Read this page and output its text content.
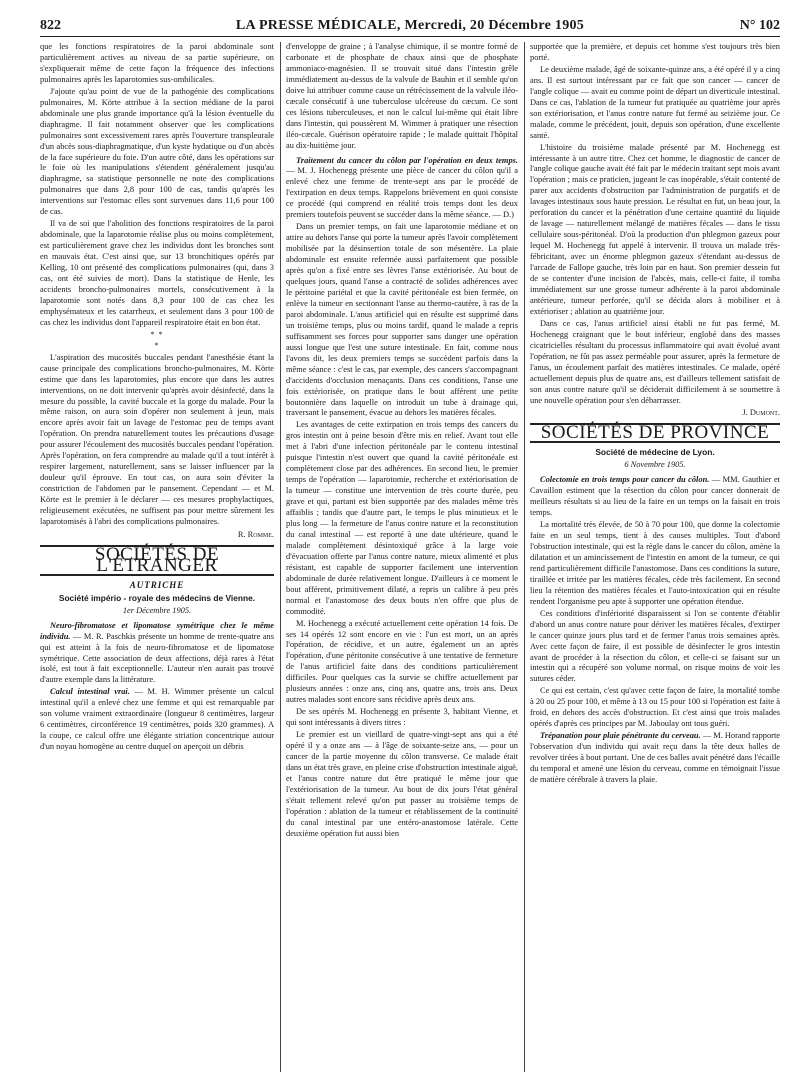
822	LA PRESSE MÉDICALE, Mercredi, 20 Décembre 1905	N° 102

que les fonctions respiratoires de la paroi abdominale sont particulièrement actives au niveau de sa partie supérieure, on s'expliquerait même de cette façon la fréquence des infections pulmonaires après les laparotomies sus-ombilicales.

J'ajoute qu'au point de vue de la pathogénie des complications pulmonaires, M. Körte attribue à la section médiane de la paroi abdominale une plus grande importance qu'à la lésion éventuelle du diaphragme. Il fait notamment observer que les complications pulmonaires sont excessivement rares après l'ouverture transpleurale d'un abcès sous-diaphragmatique, d'un kyste hydatique ou d'un abcès de la face supérieure du foie. D'un autre côté, dans les opérations sur le foie où les manipulations s'étendent généralement jusqu'au diaphragme, sa statistique personnelle ne note des complications pulmonaires que dans 2,8 pour 100 de cas, tandis qu'après les interventions sur l'estomac elles sont survenues dans 11,6 pour 100 de cas.

Il va de soi que l'abolition des fonctions respiratoires de la paroi abdominale, que la laparotomie réalise plus ou moins complètement, est particulièrement grave chez les individus dont les bronches sont en mauvais état. C'est ainsi que, sur 13 bronchitiques opérés par Kelling, 10 ont présenté des complications pulmonaires (qui, dans 3 cas, ont été suivies de mort). Dans la statistique de Henle, les accidents broncho-pulmonaires mortels, consécutivement à la laparotomie sont notés dans 8,3 pour 100 de cas chez les emphysémateux et les catarrheux, et seulement dans 3 pour 100 de cas chez les individus dont l'appareil respiratoire était en bon état.

* *
*

L'aspiration des mucosités buccales pendant l'anesthésie étant la cause principale des complications broncho-pulmonaires, M. Körte estime que dans les laparotomies, plus encore que dans les autres interventions, on ne doit intervenir qu'après avoir désinfecté, dans la mesure du possible, la cavité buccale et la gorge du malade. Pour la même raison, on aura soin d'opérer non seulement à jeun, mais encore après avoir fait un lavage de l'estomac peu de temps avant l'opération. On prendra naturellement toutes les précautions d'usage pour assurer l'écoulement des mucosités buccales pendant l'opération. Après l'opération, on fera comprendre au malade qu'il a tout intérêt à respirer largement, naturellement, sans se laisser influencer par la douleur qu'il éprouve. En tout cas, on aura soin d'éviter la constriction de l'abdomen par le pansement. Cependant — et M. Körte est le premier à le déclarer — ces mesures prophylactiques, religieusement exécutées, ne suffisent pas pour mettre sûrement les laparotomisés à l'abri des complications pulmonaires.

R. Romme.

SOCIÉTÉS DE L'ÉTRANGER
AUTRICHE
Société império - royale des médecins de Vienne.
1er Décembre 1905.

Neuro-fibromatose et lipomatose symétrique chez le même individu. — M. R. Paschkis présente un homme de trente-quatre ans qui est atteint à la fois de neuro-fibromatose et de lipomatose symétrique. Cette association de deux affections, déjà rares à l'état isolé, est tout à fait exceptionnelle. L'auteur n'en aurait pas trouvé d'autre exemple dans la littérature.

Calcul intestinal vrai. — M. H. Wimmer présente un calcul intestinal qu'il a enlevé chez une femme et qui est remarquable par son volume vraiment extraordinaire (longueur 8 centimètres, largeur 6 centimètres, circonférence 19 centimètres, poids 320 grammes). A la coupe, ce calcul offre une élégante striation concentrique autour d'un noyau homogène au centre duquel on aperçoit un débris

d'enveloppe de graine ; à l'analyse chimique, il se montre formé de carbonate et de phosphate de chaux ainsi que de phosphate ammoniaco-magnésien. Il se trouvait situé dans l'intestin grêle immédiatement au-dessus de la valvule de Bauhin et il semble qu'on doive lui attribuer comme cause un rétrécissement de la valvule iléo-cæcale consécutif à une tuberculose ulcéreuse du cæcum. Ce sont ces lésions tuberculeuses, et non le calcul lui-même qui était libre dans l'intestin, qui poussèrent M. Wimmer à pratiquer une résection iléo-cæcale. Guérison opératoire rapide ; le malade quittait l'hôpital au dix-huitième jour.

Traitement du cancer du côlon par l'opération en deux temps. — M. J. Hochenegg présente une pièce de cancer du côlon qu'il a enlevé chez une femme de trente-sept ans par le procédé de l'extirpation en deux temps. Rappelons brièvement en quoi consiste ce procédé (qui comprend en réalité trois temps dont les deux premiers toutefois peuvent se succéder dans la même séance. — D.)

Dans un premier temps, on fait une laparotomie médiane et on attire au dehors l'anse qui porte la tumeur après l'avoir complètement mobilisée par la désinsertion totale de son mésentère. La plaie abdominale est ensuite refermée aussi parfaitement que possible après qu'on a fixé entre ses lèvres l'anse extériorisée. Au bout de quelques jours, quand l'anse a contracté de solides adhérences avec le péritoine pariétal et que la cavité péritonéale est bien fermée, on enlève la tumeur en sectionnant l'anse au thermo-cautère, à ras de la paroi abdominale. L'anus artificiel qui en résulte est supprimé dans un troisième temps, plus ou moins tardif, quand le malade a repris suffisamment ses forces pour supporter sans danger une opération aussi longue que l'est une suture intestinale. En fait, comme nous l'avons dit, les deux premiers temps se succèdent parfois dans la même séance : c'est le cas, par exemple, des cancers s'accompagnant d'accidents d'occlusion menaçants. Dans ces conditions, l'anse une fois extériorisée, on pratique dans le bout afférent une petite boutonnière dans laquelle on introduit un tube à drainage qui, traversant le pansement, évacue au dehors les matières fécales.

Les avantages de cette extirpation en trois temps des cancers du gros intestin ont à peine besoin d'être mis en relief. Avant tout elle met à l'abri d'une infection péritonéale par le contenu intestinal puisque l'intestin n'est ouvert que quand la cavité péritonéale est complètement close par des adhérences. En second lieu, le premier temps de l'opération — laparotomie, recherche et extériorisation de la tumeur — constitue une intervention de très courte durée, peu grave et qui, partant est bien supportée par des malades même très affaiblis ; tandis que d'autre part, le temps le plus minutieux et le plus long — la fermeture de l'anus contre nature et la reconstitution du canal intestinal — est reporté à une date ultérieure, quand le malade complètement désintoxiqué grâce à la large voie d'évacuation offerte par l'anus contre nature, mieux alimenté et plus résistant, est capable de supporter facilement une intervention abdominale de durée relativement longue. D'ailleurs à ce moment le bout afférent, primitivement dilaté, a repris un calibre à peu près normal et l'anastomose des deux bouts n'en offre que plus de commodité.

M. Hochenegg a exécuté actuellement cette opération 14 fois. De ses 14 opérés 12 sont encore en vie : l'un est mort, un an après l'opération, de récidive, et un autre, également un an après l'opération, d'une péritonite consécutive à une tentative de fermeture de l'anus artificiel faite dans des conditions particulièrement difficiles. Pour quelques cas la survie se chiffre actuellement par plusieurs années : onze ans, cinq ans, quatre ans, trois ans. Deux autres malades sont encore sans récidive après deux ans.

De ses opérés M. Hochenegg en présente 3, habitant Vienne, et qui sont intéressants à divers titres :

Le premier est un vieillard de quatre-vingt-sept ans qui a été opéré il y a onze ans — à l'âge de soixante-seize ans, — pour un cancer de la partie moyenne du côlon transverse. Ce malade était dans un état très grave, en pleine crise d'obstruction intestinale aiguë, et l'anus contre nature dut être pratiqué le même jour que l'extériorisation de la tumeur. Au bout de dix jours l'état général s'était tellement relevé qu'on put passer au troisième temps de l'opération : ablation de la tumeur et rétablissement de la continuité du canal intestinal par une entéro-anastomose latérale. Cette deuxième opération fut aussi bien

supportée que la première, et depuis cet homme s'est toujours très bien porté.

Le deuxième malade, âgé de soixante-quinze ans, a été opéré il y a cinq ans. Il est surtout intéressant par ce fait que son cancer — cancer de l'angle colique — avait eu comme point de départ un diverticule intestinal. Dans ce cas, l'ablation de la tumeur fut pratiquée au quatrième jour après son extériorisation, et l'anus contre nature fut fermé au seizième jour. Ce malade, comme le précédent, jouit, depuis son opération, d'une excellente santé.

L'histoire du troisième malade présenté par M. Hochenegg est intéressante à un autre titre. Chez cet homme, le diagnostic de cancer de l'angle colique gauche avait été fait par le médecin traitant sept mois avant l'opération ; mais ce praticien, jugeant le cas inopérable, s'était contenté de parer aux accidents d'obstruction par l'administration de purgatifs et de lavages intestinaux sous haute pression. Le résultat en fut, un beau jour, la perforation du cancer et la pénétration d'une certaine quantité du liquide de lavage — naturellement mélangé de matières fécales — dans le tissu cellulaire sous-péritonéal. D'où la production d'un phlegmon gazeux pour lequel M. Hochenegg fut appelé à intervenir. Il trouva un malade très-fébricitant, avec un énorme phlegmon gazeux s'étendant au-dessus de l'arcade de Fallope gauche, très loin par en haut. Son premier dessein fut de se contenter d'une incision de l'abcès, mais, celle-ci faite, il tomba immédiatement sur une grosse tumeur adhérente à la paroi abdominale antérieure, tumeur perforée, qu'il se décida alors à mobiliser et à extérioriser ; ablation au quatrième jour.

Dans ce cas, l'anus artificiel ainsi établi ne fut pas fermé, M. Hochenegg craignant que le bout inférieur, englobé dans des masses cicatricielles résultant du processus inflammatoire qui avait évolué avant l'opération, ne fût pas assez perméable pour assurer, après la fermeture de l'anus, un écoulement parfait des matières intestinales. Ce malade, opéré actuellement depuis plus de quatre ans, est d'ailleurs tellement satisfait de son anus contre nature qu'il se déciderait difficilement à se soumettre à une nouvelle opération pour s'en débarrasser.

J. Dumont.

SOCIÉTÉS DE PROVINCE
Société de médecine de Lyon.
6 Novembre 1905.

Colectomie en trois temps pour cancer du côlon. — MM. Gauthier et Cavaillon estiment que la résection du côlon pour cancer donnerait de meilleurs résultats si au lieu de la faire en un temps on la faisait en trois temps.

La mortalité très élevée, de 50 à 70 pour 100, que donne la colectomie faite en un seul temps, tient à des causes multiples. Tout d'abord l'obstruction intestinale, qui est la règle dans le cancer du côlon, amène la dilatation et un amincissement de l'intestin en amont de la tumeur, ce qui rend particulièrement difficile l'anastomose. Dans ces conditions la suture, tiraillée et irritée par les matières fécales, cède très facilement. En second lieu la rétention des matières fécales et l'auto-intoxication qui en résulte rendent l'organisme peu apte à supporter une opération étendue.

Ces conditions d'infériorité disparaissent si l'on se contente d'établir d'abord un anus contre nature pour dériver les matières fécales, d'extirper le cancer quinze jours plus tard et de fermer l'anus trois semaines après. Avec cette façon de faire, il est possible de désinfecter le gros intestin avant de procéder à la résection du côlon, et celle-ci se faisant sur un intestin qui a récupéré son volume normal, on risque moins de voir les sutures céder.

Ce qui est certain, c'est qu'avec cette façon de faire, la mortalité tombe à 20 ou 25 pour 100, et même à 13 ou 15 pour 100 si l'opération est faite à froid, en dehors des accès d'obstruction. Et c'est ainsi que trois malades opérés d'après ces principes par M. Jaboulay ont tous guéri.

Trépanation pour plaie pénétrante du cerveau. — M. Horand rapporte l'observation d'un individu qui avait reçu dans la tête deux balles de revolver tirées à bout portant. Une de ces balles avait pénétré dans l'écaille du temporal et amené une lésion du cerveau, comme en témoignait l'issue de matière cérébrale à travers la plaie.
